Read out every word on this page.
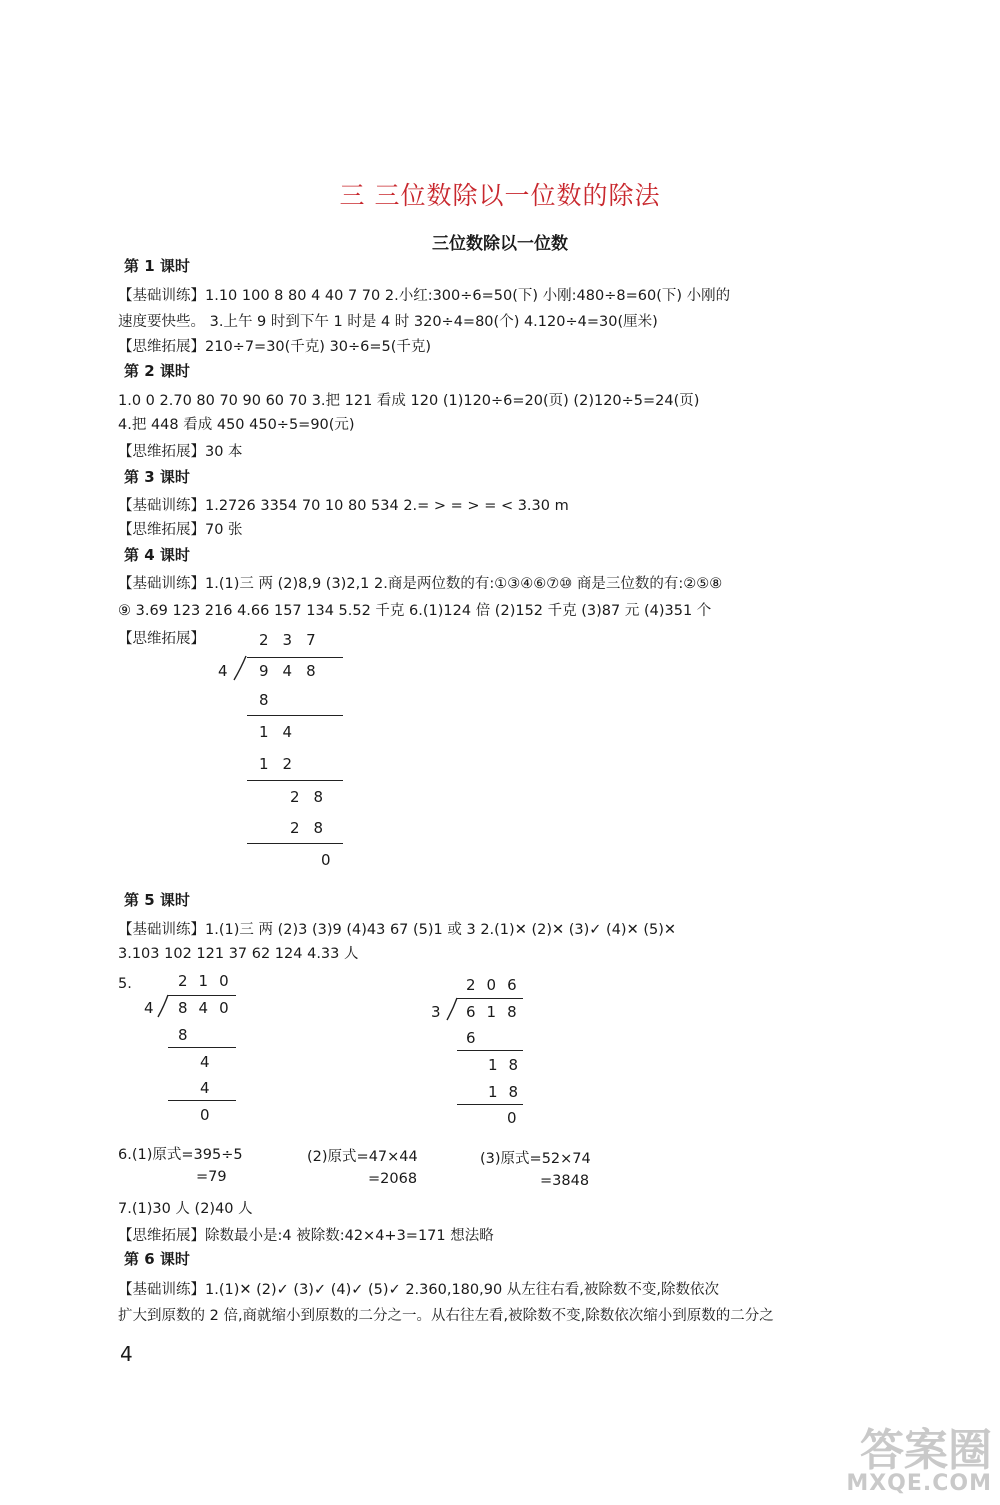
三 三位数除以一位数的除法
三位数除以一位数
第 1 课时
【基础训练】1.10 100 8 80 4 40 7 70 2.小红:300÷6=50(下) 小刚:480÷8=60(下) 小刚的
速度要快些。 3.上午 9 时到下午 1 时是 4 时 320÷4=80(个) 4.120÷4=30(厘米)
【思维拓展】210÷7=30(千克) 30÷6=5(千克)
第 2 课时
1.0 0 2.70 80 70 90 60 70 3.把 121 看成 120 (1)120÷6=20(页) (2)120÷5=24(页)
4.把 448 看成 450 450÷5=90(元)
【思维拓展】30 本
第 3 课时
【基础训练】1.2726 3354 70 10 80 534 2.= > = > = < 3.30 m
【思维拓展】70 张
第 4 课时
【基础训练】1.(1)三 两 (2)8,9 (3)2,1 2.商是两位数的有:①③④⑥⑦⑩ 商是三位数的有:②⑤⑧
⑨ 3.69 123 216 4.66 157 134 5.52 千克 6.(1)124 倍 (2)152 千克 (3)87 元 (4)351 个
【思维拓展】	237
4 948
8
14
12
28
28
0
第 5 课时
【基础训练】1.(1)三 两 (2)3 (3)9 (4)43 67 (5)1 或 3 2.(1)✕ (2)✕ (3)✓ (4)✕ (5)✕
3.103 102 121 37 62 124 4.33 人
5.	210
4 840
8
4
4
0
206
3 618
6
18
18
0
6.(1)原式=395÷5
=79
(2)原式=47×44
=2068
(3)原式=52×74
=3848
7.(1)30 人 (2)40 人
【思维拓展】除数最小是:4 被除数:42×4+3=171 想法略
第 6 课时
【基础训练】1.(1)✕ (2)✓ (3)✓ (4)✓ (5)✓ 2.360,180,90 从左往右看,被除数不变,除数依次
扩大到原数的 2 倍,商就缩小到原数的二分之一。从右往左看,被除数不变,除数依次缩小到原数的二分之
4
答案圈
MXQE.COM
